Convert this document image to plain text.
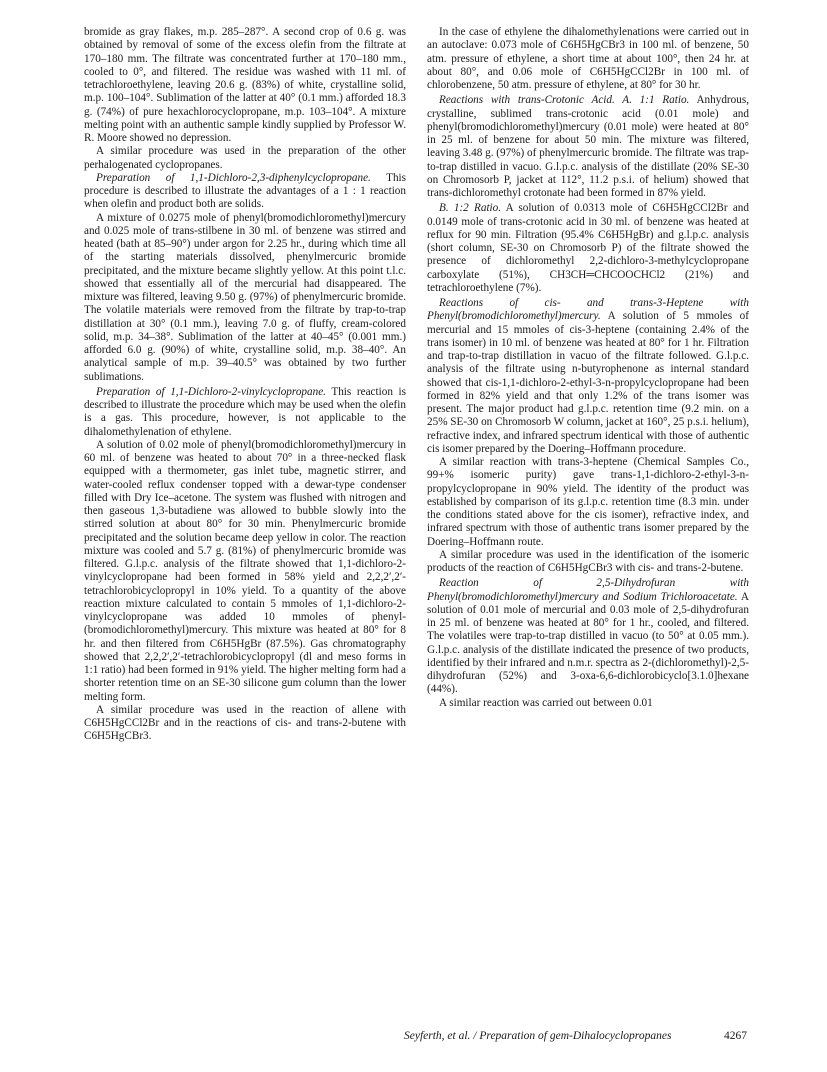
bromide as gray flakes, m.p. 285–287°. A second crop of 0.6 g. was obtained by removal of some of the excess olefin from the filtrate at 170–180 mm. The filtrate was concentrated further at 170–180 mm., cooled to 0°, and filtered. The residue was washed with 11 ml. of tetrachloroethylene, leaving 20.6 g. (83%) of white, crystalline solid, m.p. 100–104°. Sublimation of the latter at 40° (0.1 mm.) afforded 18.3 g. (74%) of pure hexachlorocyclopropane, m.p. 103–104°. A mixture melting point with an authentic sample kindly supplied by Professor W. R. Moore showed no depression.

A similar procedure was used in the preparation of the other perhalogenated cyclopropanes.

Preparation of 1,1-Dichloro-2,3-diphenylcyclopropane. This procedure is described to illustrate the advantages of a 1 : 1 reaction when olefin and product both are solids.

A mixture of 0.0275 mole of phenyl(bromodichloromethyl)mercury and 0.025 mole of trans-stilbene in 30 ml. of benzene was stirred and heated (bath at 85–90°) under argon for 2.25 hr., during which time all of the starting materials dissolved, phenylmercuric bromide precipitated, and the mixture became slightly yellow. At this point t.l.c. showed that essentially all of the mercurial had disappeared. The mixture was filtered, leaving 9.50 g. (97%) of phenylmercuric bromide. The volatile materials were removed from the filtrate by trap-to-trap distillation at 30° (0.1 mm.), leaving 7.0 g. of fluffy, cream-colored solid, m.p. 34–38°. Sublimation of the latter at 40–45° (0.001 mm.) afforded 6.0 g. (90%) of white, crystalline solid, m.p. 38–40°. An analytical sample of m.p. 39–40.5° was obtained by two further sublimations.

Preparation of 1,1-Dichloro-2-vinylcyclopropane. This reaction is described to illustrate the procedure which may be used when the olefin is a gas. This procedure, however, is not applicable to the dihalomethylenation of ethylene.

A solution of 0.02 mole of phenyl(bromodichloromethyl)mercury in 60 ml. of benzene was heated to about 70° in a three-necked flask equipped with a thermometer, gas inlet tube, magnetic stirrer, and water-cooled reflux condenser topped with a dewar-type condenser filled with Dry Ice–acetone. The system was flushed with nitrogen and then gaseous 1,3-butadiene was allowed to bubble slowly into the stirred solution at about 80° for 30 min. Phenylmercuric bromide precipitated and the solution became deep yellow in color. The reaction mixture was cooled and 5.7 g. (81%) of phenylmercuric bromide was filtered. G.l.p.c. analysis of the filtrate showed that 1,1-dichloro-2-vinylcyclopropane had been formed in 58% yield and 2,2,2′,2′-tetrachlorobicyclopropyl in 10% yield. To a quantity of the above reaction mixture calculated to contain 5 mmoles of 1,1-dichloro-2-vinylcyclopropane was added 10 mmoles of phenyl-(bromodichloromethyl)mercury. This mixture was heated at 80° for 8 hr. and then filtered from C6H5HgBr (87.5%). Gas chromatography showed that 2,2,2′,2′-tetrachlorobicyclopropyl (dl and meso forms in 1:1 ratio) had been formed in 91% yield. The higher melting form had a shorter retention time on an SE-30 silicone gum column than the lower melting form.

A similar procedure was used in the reaction of allene with C6H5HgCCl2Br and in the reactions of cis- and trans-2-butene with C6H5HgCBr3.

In the case of ethylene the dihalomethylenations were carried out in an autoclave: 0.073 mole of C6H5HgCBr3 in 100 ml. of benzene, 50 atm. pressure of ethylene, a short time at about 100°, then 24 hr. at about 80°, and 0.06 mole of C6H5HgCCl2Br in 100 ml. of chlorobenzene, 50 atm. pressure of ethylene, at 80° for 30 hr.

Reactions with trans-Crotonic Acid. A. 1:1 Ratio. Anhydrous, crystalline, sublimed trans-crotonic acid (0.01 mole) and phenyl(bromodichloromethyl)mercury (0.01 mole) were heated at 80° in 25 ml. of benzene for about 50 min. The mixture was filtered, leaving 3.48 g. (97%) of phenylmercuric bromide. The filtrate was trap-to-trap distilled in vacuo. G.l.p.c. analysis of the distillate (20% SE-30 on Chromosorb P, jacket at 112°, 11.2 p.s.i. of helium) showed that trans-dichloromethyl crotonate had been formed in 87% yield.

B. 1:2 Ratio. A solution of 0.0313 mole of C6H5HgCCl2Br and 0.0149 mole of trans-crotonic acid in 30 ml. of benzene was heated at reflux for 90 min. Filtration (95.4% C6H5HgBr) and g.l.p.c. analysis (short column, SE-30 on Chromosorb P) of the filtrate showed the presence of dichloromethyl 2,2-dichloro-3-methylcyclopropane carboxylate (51%), CH3CH═CHCOOCHCl2 (21%) and tetrachloroethylene (7%).

Reactions of cis- and trans-3-Heptene with Phenyl(bromodichloromethyl)mercury. A solution of 5 mmoles of mercurial and 15 mmoles of cis-3-heptene (containing 2.4% of the trans isomer) in 10 ml. of benzene was heated at 80° for 1 hr. Filtration and trap-to-trap distillation in vacuo of the filtrate followed. G.l.p.c. analysis of the filtrate using n-butyrophenone as internal standard showed that cis-1,1-dichloro-2-ethyl-3-n-propylcyclopropane had been formed in 82% yield and that only 1.2% of the trans isomer was present. The major product had g.l.p.c. retention time (9.2 min. on a 25% SE-30 on Chromosorb W column, jacket at 160°, 25 p.s.i. helium), refractive index, and infrared spectrum identical with those of authentic cis isomer prepared by the Doering–Hoffmann procedure.

A similar reaction with trans-3-heptene (Chemical Samples Co., 99+% isomeric purity) gave trans-1,1-dichloro-2-ethyl-3-n-propylcyclopropane in 90% yield. The identity of the product was established by comparison of its g.l.p.c. retention time (8.3 min. under the conditions stated above for the cis isomer), refractive index, and infrared spectrum with those of authentic trans isomer prepared by the Doering–Hoffmann route.

A similar procedure was used in the identification of the isomeric products of the reaction of C6H5HgCBr3 with cis- and trans-2-butene.

Reaction of 2,5-Dihydrofuran with Phenyl(bromodichloromethyl)mercury and Sodium Trichloroacetate. A solution of 0.01 mole of mercurial and 0.03 mole of 2,5-dihydrofuran in 25 ml. of benzene was heated at 80° for 1 hr., cooled, and filtered. The volatiles were trap-to-trap distilled in vacuo (to 50° at 0.05 mm.). G.l.p.c. analysis of the distillate indicated the presence of two products, identified by their infrared and n.m.r. spectra as 2-(dichloromethyl)-2,5-dihydrofuran (52%) and 3-oxa-6,6-dichlorobicyclo[3.1.0]hexane (44%).

A similar reaction was carried out between 0.01

Seyferth, et al. / Preparation of gem-Dihalocyclopropanes	4267
